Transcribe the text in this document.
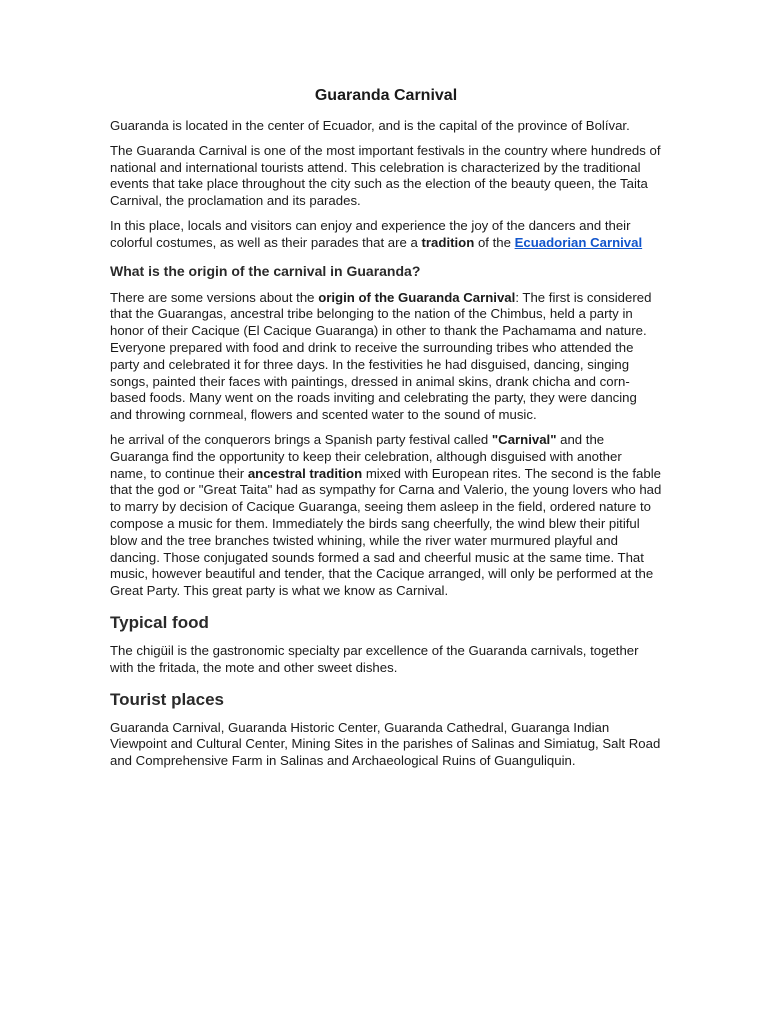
Guaranda Carnival

Guaranda is located in the center of Ecuador, and is the capital of the province of Bolívar.

The Guaranda Carnival is one of the most important festivals in the country where hundreds of national and international tourists attend. This celebration is characterized by the traditional events that take place throughout the city such as the election of the beauty queen, the Taita Carnival, the proclamation and its parades.

In this place, locals and visitors can enjoy and experience the joy of the dancers and their colorful costumes, as well as their parades that are a tradition of the Ecuadorian Carnival

What is the origin of the carnival in Guaranda?

There are some versions about the origin of the Guaranda Carnival: The first is considered that the Guarangas, ancestral tribe belonging to the nation of the Chimbus, held a party in honor of their Cacique (El Cacique Guaranga) in other to thank the Pachamama and nature. Everyone prepared with food and drink to receive the surrounding tribes who attended the party and celebrated it for three days. In the festivities he had disguised, dancing, singing songs, painted their faces with paintings, dressed in animal skins, drank chicha and corn-based foods. Many went on the roads inviting and celebrating the party, they were dancing and throwing cornmeal, flowers and scented water to the sound of music.

he arrival of the conquerors brings a Spanish party festival called "Carnival" and the Guaranga find the opportunity to keep their celebration, although disguised with another name, to continue their ancestral tradition mixed with European rites. The second is the fable that the god or "Great Taita" had as sympathy for Carna and Valerio, the young lovers who had to marry by decision of Cacique Guaranga, seeing them asleep in the field, ordered nature to compose a music for them. Immediately the birds sang cheerfully, the wind blew their pitiful blow and the tree branches twisted whining, while the river water murmured playful and dancing. Those conjugated sounds formed a sad and cheerful music at the same time. That music, however beautiful and tender, that the Cacique arranged, will only be performed at the Great Party. This great party is what we know as Carnival.

Typical food

The chigüil is the gastronomic specialty par excellence of the Guaranda carnivals, together with the fritada, the mote and other sweet dishes.

Tourist places

Guaranda Carnival, Guaranda Historic Center, Guaranda Cathedral, Guaranga Indian Viewpoint and Cultural Center, Mining Sites in the parishes of Salinas and Simiatug, Salt Road and Comprehensive Farm in Salinas and Archaeological Ruins of Guanguliquin.
